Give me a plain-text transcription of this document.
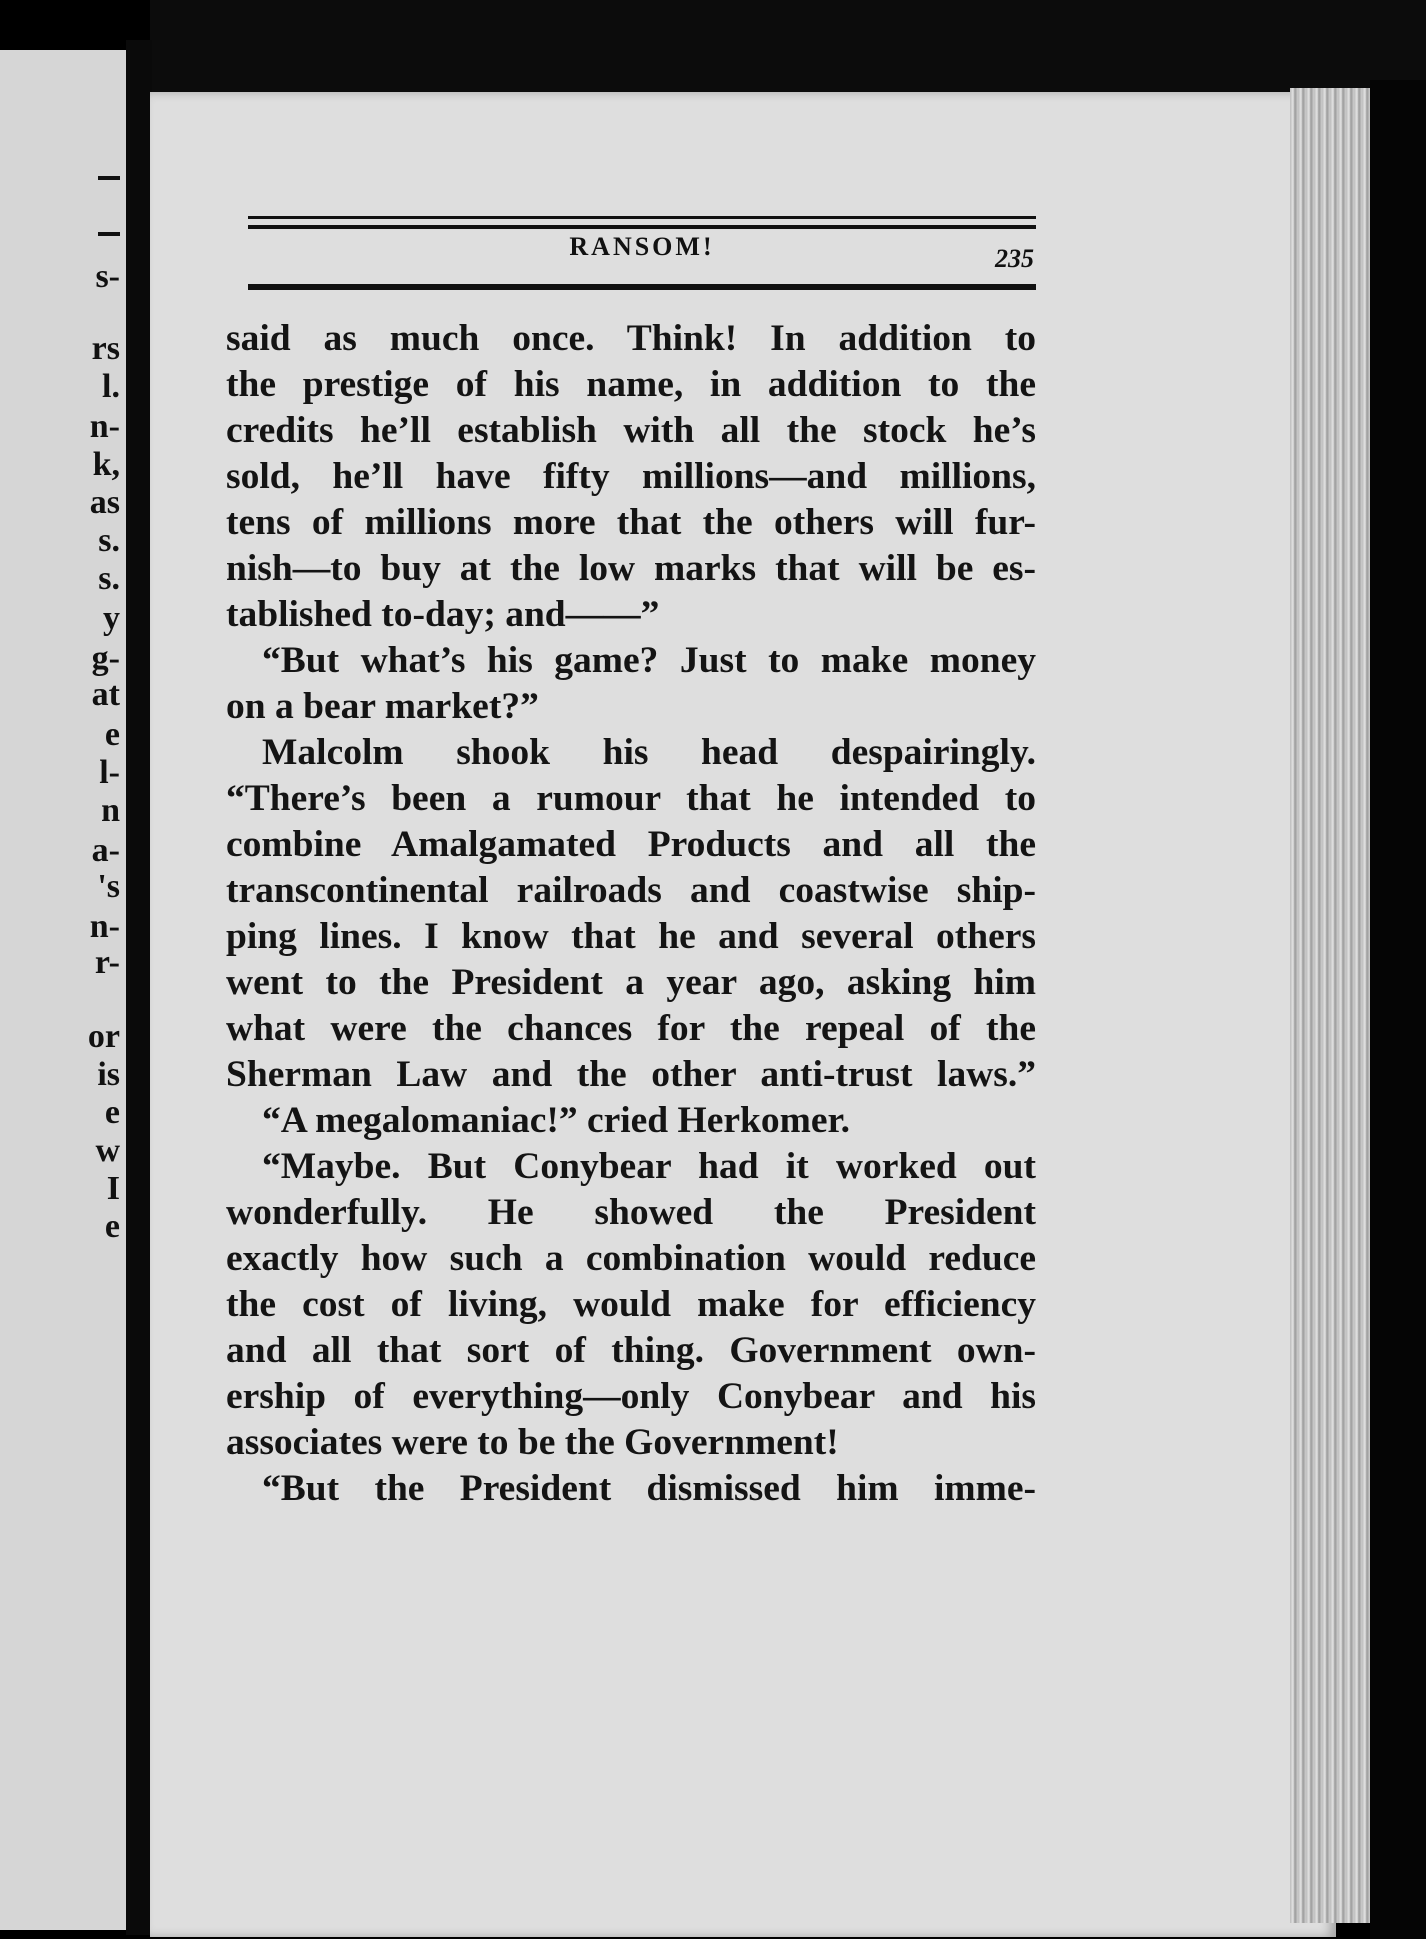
s-
rs
l.
n-
k,
as
s.
s.
y
g-
at
e
l-
n
a-
's
n-
r-
or
is
e
w
I
e
RANSOM!	235
said as much once. Think! In addition to
the prestige of his name, in addition to the
credits he’ll establish with all the stock he’s
sold, he’ll have fifty millions—and millions,
tens of millions more that the others will fur-
nish—to buy at the low marks that will be es-
tablished to-day; and——”
“But what’s his game? Just to make money
on a bear market?”
Malcolm shook his head despairingly.
“There’s been a rumour that he intended to
combine Amalgamated Products and all the
transcontinental railroads and coastwise ship-
ping lines. I know that he and several others
went to the President a year ago, asking him
what were the chances for the repeal of the
Sherman Law and the other anti-trust laws.”
“A megalomaniac!” cried Herkomer.
“Maybe. But Conybear had it worked out
wonderfully. He showed the President
exactly how such a combination would reduce
the cost of living, would make for efficiency
and all that sort of thing. Government own-
ership of everything—only Conybear and his
associates were to be the Government!
“But the President dismissed him imme-
